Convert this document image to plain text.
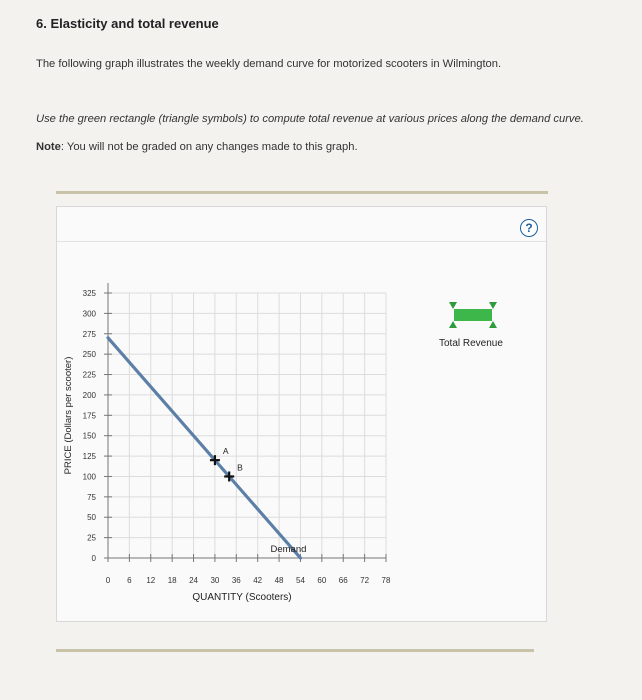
6. Elasticity and total revenue
The following graph illustrates the weekly demand curve for motorized scooters in Wilmington.
Use the green rectangle (triangle symbols) to compute total revenue at various prices along the demand curve.
Note: You will not be graded on any changes made to this graph.
?
Total Revenue
0
25
50
75
100
125
150
175
200
225
250
275
300
325
0 6 12 18 24 30 36 42 48 54 60 66 72 78
Demand
A
B
PRICE (Dollars per scooter)
QUANTITY (Scooters)
